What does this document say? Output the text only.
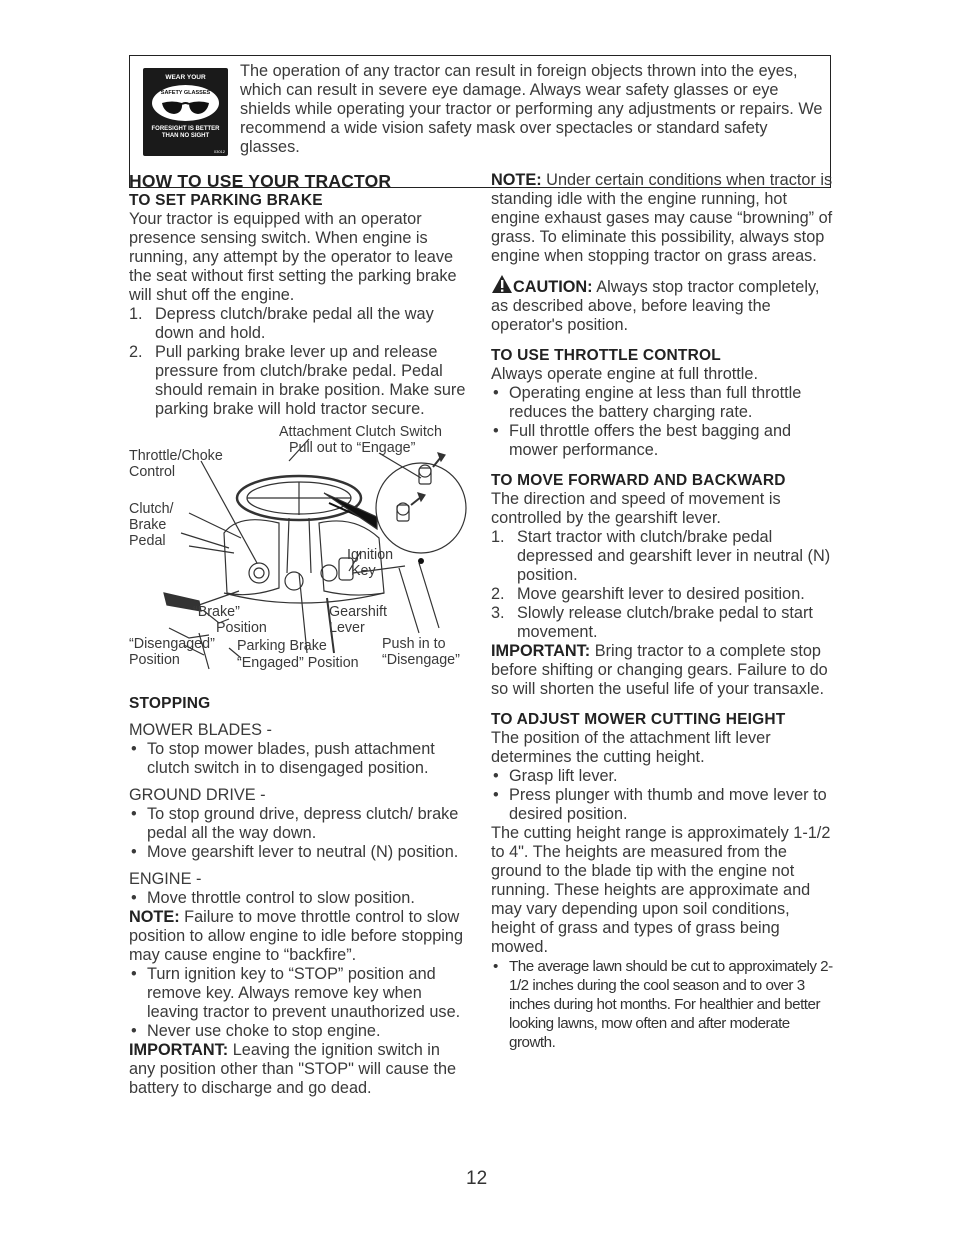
WEAR YOUR
SAFETY GLASSES
FORESIGHT IS BETTER
THAN NO SIGHT
03012
The operation of any tractor can result in foreign objects thrown into the eyes, which can result in severe eye damage. Always wear safety glasses or eye shields while operating your tractor or performing any adjustments or repairs. We recommend a wide vision safety mask over spectacles or standard safety glasses.
HOW TO USE YOUR TRACTOR
TO SET PARKING BRAKE

Your tractor is equipped with an operator presence sensing switch. When engine is running, any attempt by the operator to leave the seat without first setting the parking brake will shut off the engine.

1. Depress clutch/brake pedal all the way down and hold.
2. Pull parking brake lever up and release pressure from clutch/brake pedal. Pedal should remain in brake position. Make sure parking brake will hold tractor secure.
Attachment Clutch Switch
Pull out to “Engage”
Throttle/Choke
Control
Clutch/
Brake
Pedal
Ignition
Key
“Brake”
Position
Gearshift
Lever
“Disengaged”
Position
Parking Brake
“Engaged” Position
Push in to
“Disengage”
STOPPING

MOWER BLADES -

• To stop mower blades, push attachment clutch switch in to disengaged position.

GROUND DRIVE -

• To stop ground drive, depress clutch/ brake pedal all the way down.
• Move gearshift lever to neutral (N) position.

ENGINE -

• Move throttle control to slow position.

NOTE: Failure to move throttle control to slow position to allow engine to idle before stopping may cause engine to “backfire”.

• Turn ignition key to “STOP” position and remove key. Always remove key when leaving tractor to prevent unauthorized use.
• Never use choke to stop engine.

IMPORTANT: Leaving the ignition switch in any position other than "STOP" will cause the battery to discharge and go dead.

NOTE: Under certain conditions when tractor is standing idle with the engine running, hot engine exhaust gases may cause “browning” of grass. To eliminate this possibility, always stop engine when stopping tractor on grass areas.

CAUTION: Always stop tractor completely, as described above, before leaving the operator's position.

TO USE THROTTLE CONTROL

Always operate engine at full throttle.

• Operating engine at less than full throttle reduces the battery charging rate.
• Full throttle offers the best bagging and mower performance.
TO MOVE FORWARD AND BACKWARD

The direction and speed of movement is controlled by the gearshift lever.

1. Start tractor with clutch/brake pedal depressed and gearshift lever in neutral (N) position.
2. Move gearshift lever to desired position.
3. Slowly release clutch/brake pedal to start movement.

IMPORTANT: Bring tractor to a complete stop before shifting or changing gears. Failure to do so will shorten the useful life of your transaxle.

TO ADJUST MOWER CUTTING HEIGHT

The position of the attachment lift lever determines the cutting height.

• Grasp lift lever.
• Press plunger with thumb and move lever to desired position.

The cutting height range is approximately 1-1/2 to 4". The heights are measured from the ground to the blade tip with the engine not running. These heights are approximate and may vary depending upon soil conditions, height of grass and types of grass being mowed.

• The average lawn should be cut to approximately 2-1/2 inches during the cool season and to over 3 inches during hot months. For healthier and better looking lawns, mow often and after moderate growth.
12
